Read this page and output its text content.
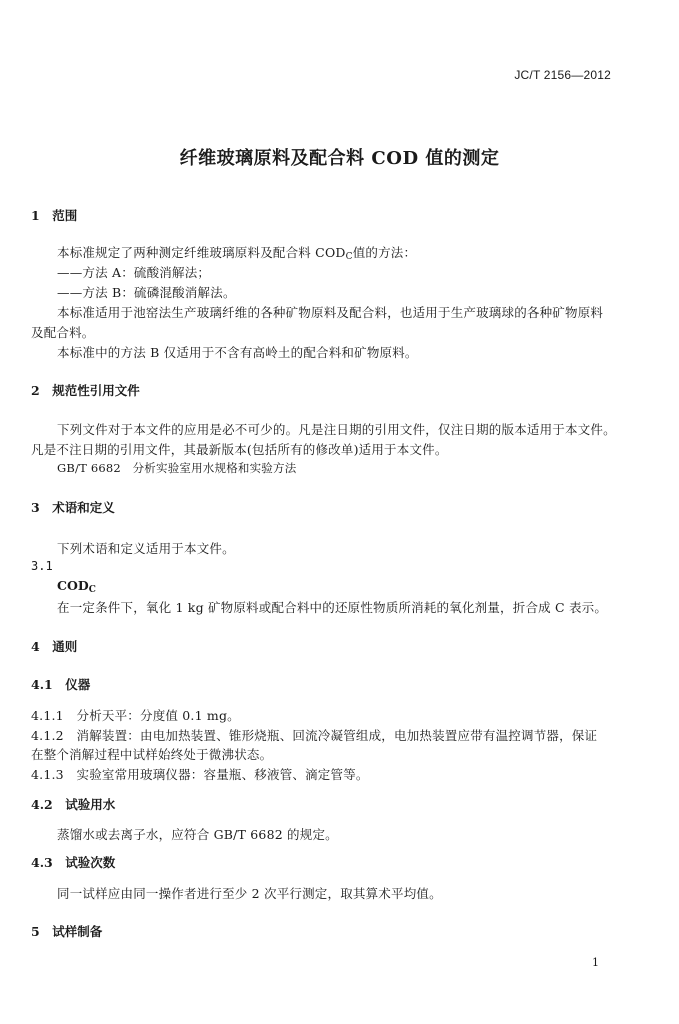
JC/T 2156—2012
纤维玻璃原料及配合料 COD 值的测定
1　范围
本标准规定了两种测定纤维玻璃原料及配合料 $COD_C$值的方法：
——方法 A：硫酸消解法；
——方法 B：硫磷混酸消解法。
本标准适用于池窑法生产玻璃纤维的各种矿物原料及配合料，也适用于生产玻璃球的各种矿物原料
及配合料。
本标准中的方法 B 仅适用于不含有高岭土的配合料和矿物原料。
2　规范性引用文件
下列文件对于本文件的应用是必不可少的。凡是注日期的引用文件，仅注日期的版本适用于本文件。
凡是不注日期的引用文件，其最新版本(包括所有的修改单)适用于本文件。
GB/T 6682　分析实验室用水规格和实验方法
3　术语和定义
下列术语和定义适用于本文件。
3.1
$COD_C$
在一定条件下，氧化 1 kg 矿物原料或配合料中的还原性物质所消耗的氧化剂量，折合成 C 表示。
4　通则
4.1　仪器
4.1.1　分析天平：分度值 0.1 mg。
4.1.2　消解装置：由电加热装置、锥形烧瓶、回流冷凝管组成，电加热装置应带有温控调节器，保证
在整个消解过程中试样始终处于微沸状态。
4.1.3　实验室常用玻璃仪器：容量瓶、移液管、滴定管等。
4.2　试验用水
蒸馏水或去离子水，应符合 GB/T 6682 的规定。
4.3　试验次数
同一试样应由同一操作者进行至少 2 次平行测定，取其算术平均值。
5　试样制备
1
